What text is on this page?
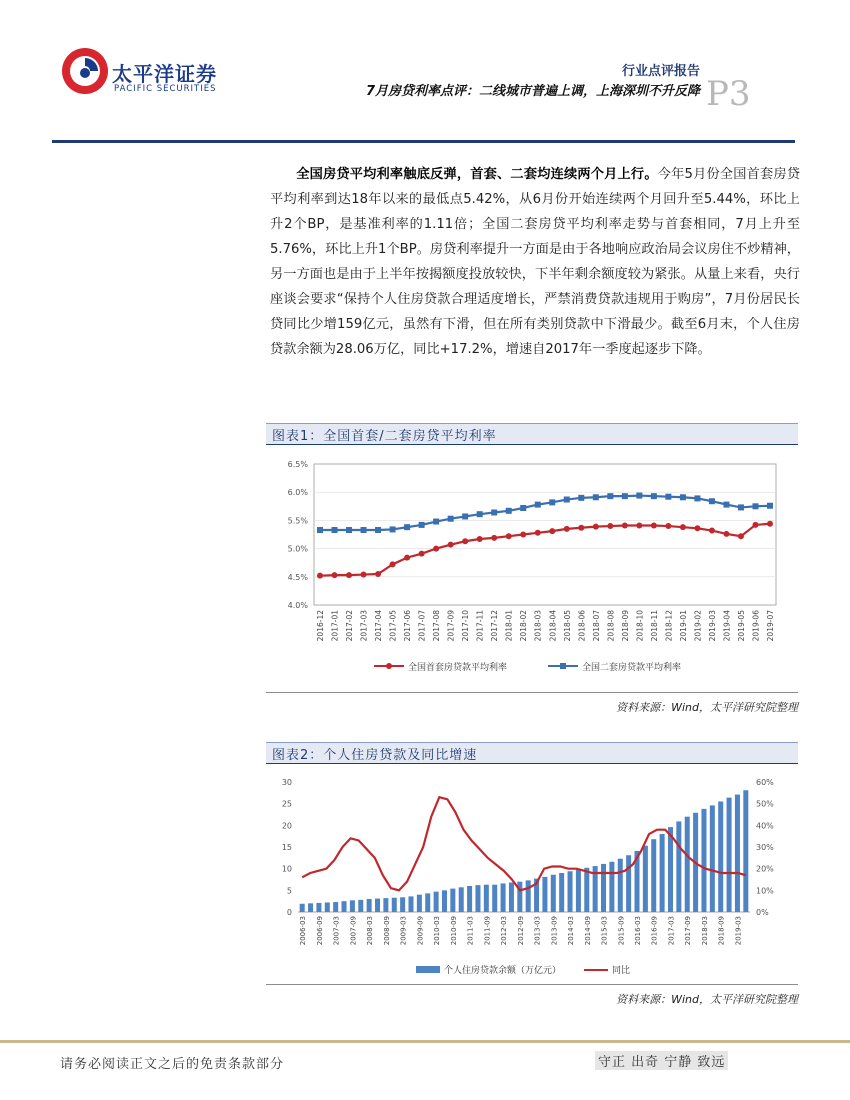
太平洋证券
PACIFIC SECURITIES
行业点评报告
7月房贷利率点评：二线城市普遍上调，上海深圳不升反降 P3
全国房贷平均利率触底反弹，首套、二套均连续两个月上行。今年5月份全国首套房贷平均利率到达18年以来的最低点5.42%，从6月份开始连续两个月回升至5.44%，环比上升2个BP，是基准利率的1.11倍；全国二套房贷平均利率走势与首套相同，7月上升至5.76%，环比上升1个BP。房贷利率提升一方面是由于各地响应政治局会议房住不炒精神，另一方面也是由于上半年按揭额度投放较快，下半年剩余额度较为紧张。从量上来看，央行座谈会要求“保持个人住房贷款合理适度增长，严禁消费贷款违规用于购房”，7月份居民长贷同比少增159亿元，虽然有下滑，但在所有类别贷款中下滑最少。截至6月末，个人住房贷款余额为28.06万亿，同比+17.2%，增速自2017年一季度起逐步下降。
图表1：全国首套/二套房贷平均利率
4.0%
4.5%
5.0%
5.5%
6.0%
6.5%
2016-12 2017-01 2017-02 2017-03 2017-04 2017-05 2017-06 2017-07 2017-08 2017-09 2017-10 2017-11 2017-12 2018-01 2018-02 2018-03 2018-04 2018-05 2018-06 2018-07 2018-08 2018-09 2018-10 2018-11 2018-12 2019-01 2019-02 2019-03 2019-04 2019-05 2019-06 2019-07
全国首套房贷款平均利率	全国二套房贷款平均利率
资料来源：Wind，太平洋研究院整理
图表2：个人住房贷款及同比增速
0
5
10
15
20
25
30
0%
10%
20%
30%
40%
50%
60%
2006-03 2006-09 2007-03 2007-09 2008-03 2008-09 2009-03 2009-09 2010-03 2010-09 2011-03 2011-09 2012-03 2012-09 2013-03 2013-09 2014-03 2014-09 2015-03 2015-09 2016-03 2016-09 2017-03 2017-09 2018-03 2018-09 2019-03
个人住房贷款余额（万亿元）	同比
资料来源：Wind，太平洋研究院整理
请务必阅读正文之后的免责条款部分	守正 出奇 宁静 致远
